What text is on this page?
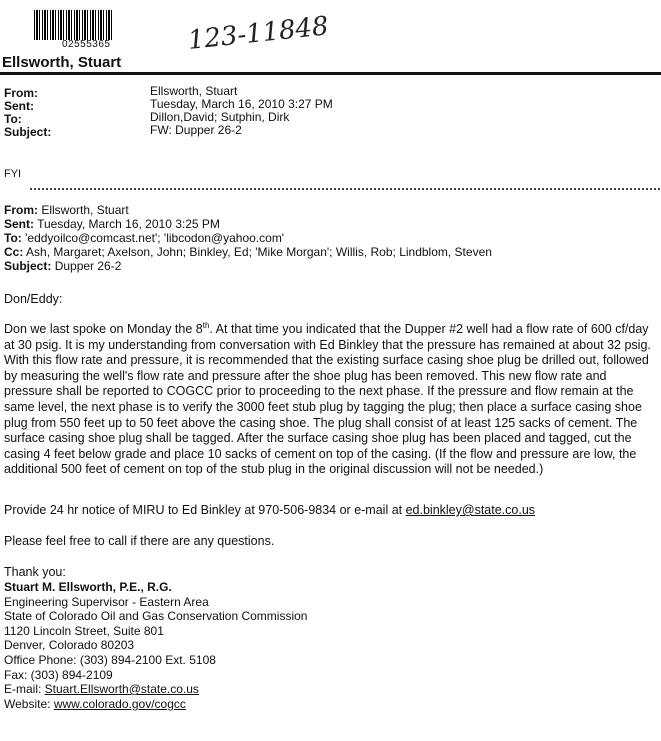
02555365	123-11848
Ellsworth, Stuart
From:	Ellsworth, Stuart
Sent:	Tuesday, March 16, 2010 3:27 PM
To:	Dillon,David; Sutphin, Dirk
Subject:	FW: Dupper 26-2
FYI
From: Ellsworth, Stuart
Sent: Tuesday, March 16, 2010 3:25 PM
To: 'eddyoilco@comcast.net'; 'libcodon@yahoo.com'
Cc: Ash, Margaret; Axelson, John; Binkley, Ed; 'Mike Morgan'; Willis, Rob; Lindblom, Steven
Subject: Dupper 26-2
Don/Eddy:
Don we last spoke on Monday the 8th. At that time you indicated that the Dupper #2 well had a flow rate of 600 cf/day at 30 psig. It is my understanding from conversation with Ed Binkley that the pressure has remained at about 32 psig. With this flow rate and pressure, it is recommended that the existing surface casing shoe plug be drilled out, followed by measuring the well's flow rate and pressure after the shoe plug has been removed. This new flow rate and pressure shall be reported to COGCC prior to proceeding to the next phase. If the pressure and flow remain at the same level, the next phase is to verify the 3000 feet stub plug by tagging the plug; then place a surface casing shoe plug from 550 feet up to 50 feet above the casing shoe. The plug shall consist of at least 125 sacks of cement. The surface casing shoe plug shall be tagged. After the surface casing shoe plug has been placed and tagged, cut the casing 4 feet below grade and place 10 sacks of cement on top of the casing. (If the flow and pressure are low, the additional 500 feet of cement on top of the stub plug in the original discussion will not be needed.)
Provide 24 hr notice of MIRU to Ed Binkley at 970-506-9834 or e-mail at ed.binkley@state.co.us
Please feel free to call if there are any questions.
Thank you:
Stuart M. Ellsworth, P.E., R.G.
Engineering Supervisor - Eastern Area
State of Colorado Oil and Gas Conservation Commission
1120 Lincoln Street, Suite 801
Denver, Colorado 80203
Office Phone: (303) 894-2100 Ext. 5108
Fax: (303) 894-2109
E-mail: Stuart.Ellsworth@state.co.us
Website: www.colorado.gov/cogcc
